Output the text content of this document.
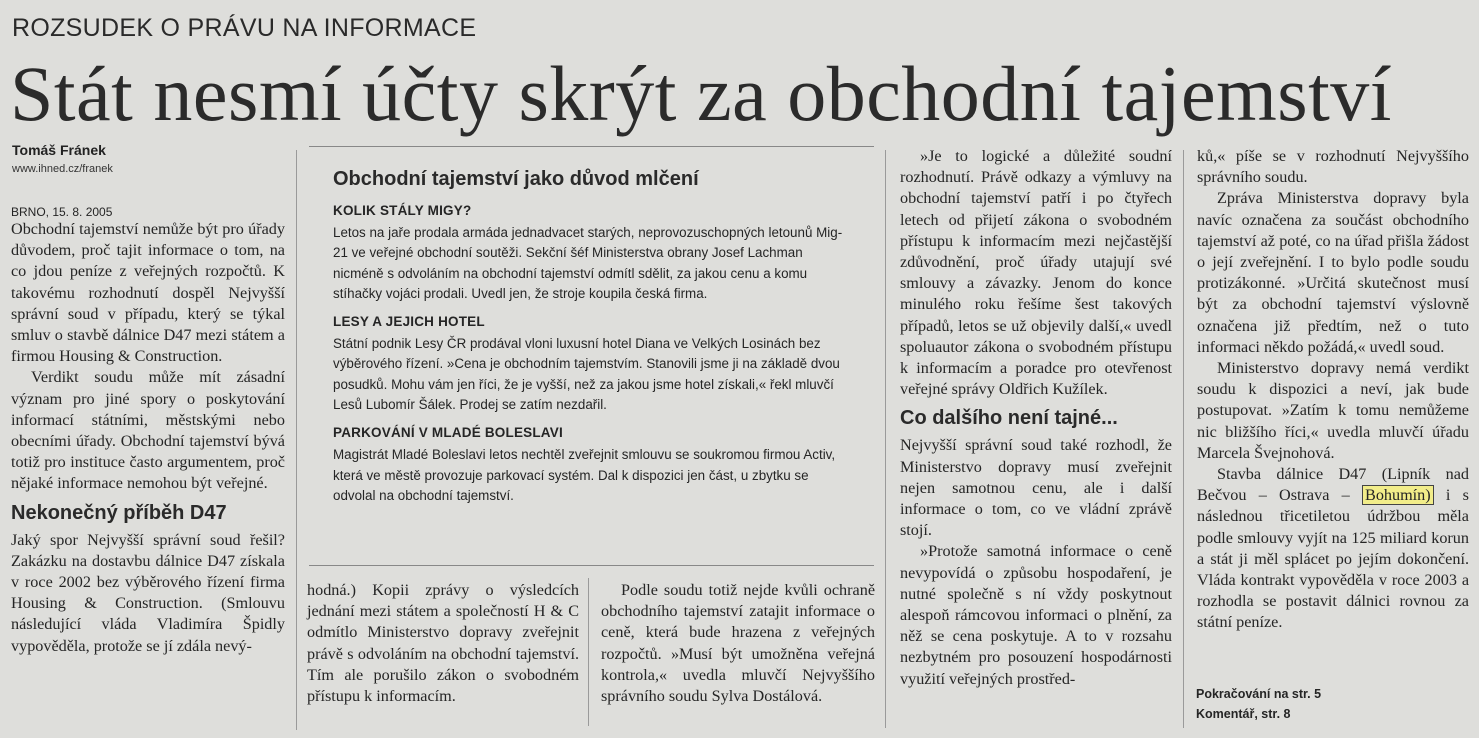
ROZSUDEK O PRÁVU NA INFORMACE
Stát nesmí účty skrýt za obchodní tajemství
Tomáš Fránek
www.ihned.cz/franek
BRNO, 15. 8. 2005

Obchodní tajemství nemůže být pro úřady důvodem, proč tajit informace o tom, na co jdou peníze z veřejných rozpočtů. K takovému rozhodnutí dospěl Nejvyšší správní soud v případu, který se týkal smluv o stavbě dálnice D47 mezi státem a firmou Housing & Construction.

Verdikt soudu může mít zásadní význam pro jiné spory o poskytování informací státními, městskými nebo obecními úřady. Obchodní tajemství bývá totiž pro instituce často argumentem, proč nějaké informace nemohou být veřejné.

Nekonečný příběh D47

Jaký spor Nejvyšší správní soud řešil? Zakázku na dostavbu dálnice D47 získala v roce 2002 bez výběrového řízení firma Housing & Construction. (Smlouvu následující vláda Vladimíra Špidly vypověděla, protože se jí zdála nevý-

Obchodní tajemství jako důvod mlčení
KOLIK STÁLY MIGY?
Letos na jaře prodala armáda jednadvacet starých, neprovozuschopných letounů Mig-21 ve veřejné obchodní soutěži. Sekční šéf Ministerstva obrany Josef Lachman nicméně s odvoláním na obchodní tajemství odmítl sdělit, za jakou cenu a komu stíhačky vojáci prodali. Uvedl jen, že stroje koupila česká firma.
LESY A JEJICH HOTEL
Státní podnik Lesy ČR prodával vloni luxusní hotel Diana ve Velkých Losinách bez výběrového řízení. »Cena je obchodním tajemstvím. Stanovili jsme ji na základě dvou posudků. Mohu vám jen říci, že je vyšší, než za jakou jsme hotel získali,« řekl mluvčí Lesů Lubomír Šálek. Prodej se zatím nezdařil.
PARKOVÁNÍ V MLADÉ BOLESLAVI
Magistrát Mladé Boleslavi letos nechtěl zveřejnit smlouvu se soukromou firmou Activ, která ve městě provozuje parkovací systém. Dal k dispozici jen část, u zbytku se odvolal na obchodní tajemství.

hodná.) Kopii zprávy o výsledcích jednání mezi státem a společností H & C odmítlo Ministerstvo dopravy zveřejnit právě s odvoláním na obchodní tajemství. Tím ale porušilo zákon o svobodném přístupu k informacím.

Podle soudu totiž nejde kvůli ochraně obchodního tajemství zatajit informace o ceně, která bude hrazena z veřejných rozpočtů. »Musí být umožněna veřejná kontrola,« uvedla mluvčí Nejvyššího správního soudu Sylva Dostálová.

»Je to logické a důležité soudní rozhodnutí. Právě odkazy a výmluvy na obchodní tajemství patří i po čtyřech letech od přijetí zákona o svobodném přístupu k informacím mezi nejčastější zdůvodnění, proč úřady utajují své smlouvy a závazky. Jenom do konce minulého roku řešíme šest takových případů, letos se už objevily další,« uvedl spoluautor zákona o svobodném přístupu k informacím a poradce pro otevřenost veřejné správy Oldřich Kužílek.

Co dalšího není tajné...

Nejvyšší správní soud také rozhodl, že Ministerstvo dopravy musí zveřejnit nejen samotnou cenu, ale i další informace o tom, co ve vládní zprávě stojí.

»Protože samotná informace o ceně nevypovídá o způsobu hospodaření, je nutné společně s ní vždy poskytnout alespoň rámcovou informaci o plnění, za něž se cena poskytuje. A to v rozsahu nezbytném pro posouzení hospodárnosti využití veřejných prostřed-

ků,« píše se v rozhodnutí Nejvyššího správního soudu.

Zpráva Ministerstva dopravy byla navíc označena za součást obchodního tajemství až poté, co na úřad přišla žádost o její zveřejnění. I to bylo podle soudu protizákonné. »Určitá skutečnost musí být za obchodní tajemství výslovně označena již předtím, než o tuto informaci někdo požádá,« uvedl soud.

Ministerstvo dopravy nemá verdikt soudu k dispozici a neví, jak bude postupovat. »Zatím k tomu nemůžeme nic bližšího říci,« uvedla mluvčí úřadu Marcela Švejnohová.

Stavba dálnice D47 (Lipník nad Bečvou – Ostrava – Bohumín) i s následnou třicetiletou údržbou měla podle smlouvy vyjít na 125 miliard korun a stát ji měl splácet po jejím dokončení. Vláda kontrakt vypověděla v roce 2003 a rozhodla se postavit dálnici rovnou za státní peníze.

Pokračování na str. 5
Komentář, str. 8
